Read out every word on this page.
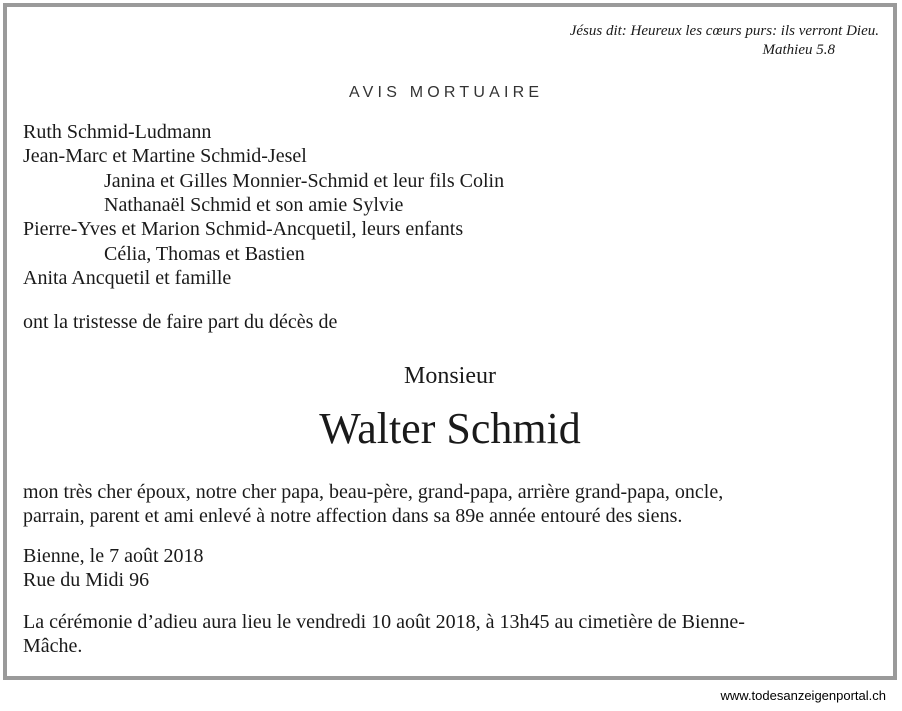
Jésus dit: Heureux les cœurs purs: ils verront Dieu.
Mathieu 5.8
AVIS MORTUAIRE
Ruth Schmid-Ludmann
Jean-Marc et Martine Schmid-Jesel
Janina et Gilles Monnier-Schmid et leur fils Colin
Nathanaël Schmid et son amie Sylvie
Pierre-Yves et Marion Schmid-Ancquetil, leurs enfants
Célia, Thomas et Bastien
Anita Ancquetil et famille
ont la tristesse de faire part du décès de
Monsieur
Walter Schmid
mon très cher époux, notre cher papa, beau-père, grand-papa, arrière grand-papa, oncle,
parrain, parent et ami enlevé à notre affection dans sa 89e année entouré des siens.
Bienne, le 7 août 2018
Rue du Midi 96
La cérémonie d’adieu aura lieu le vendredi 10 août 2018, à 13h45 au cimetière de Bienne-
Mâche.
www.todesanzeigenportal.ch
